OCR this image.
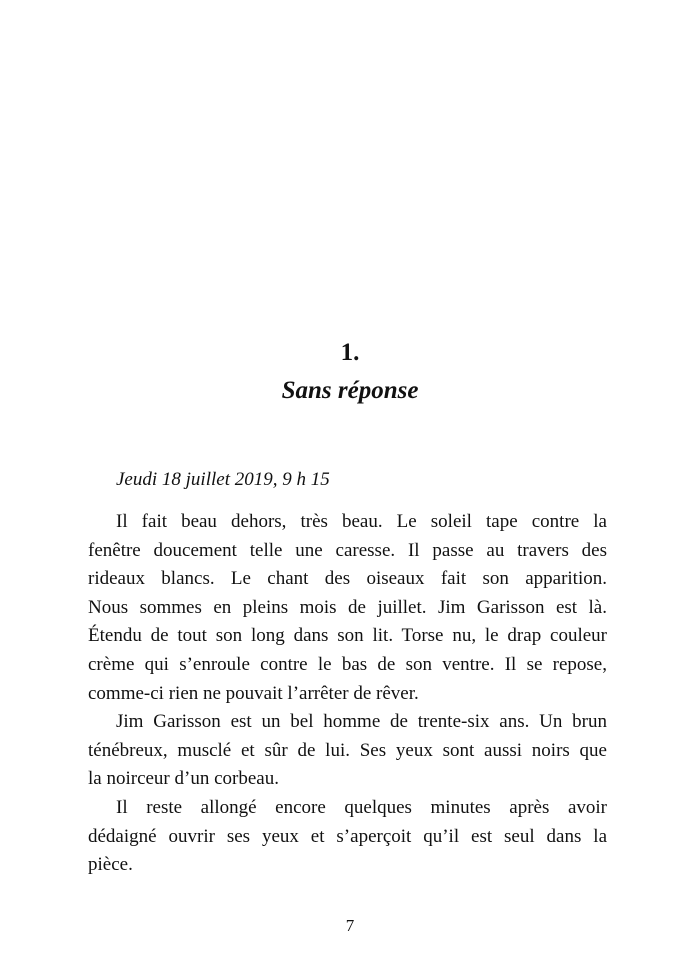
1.
Sans réponse

Jeudi 18 juillet 2019, 9 h 15

Il fait beau dehors, très beau. Le soleil tape contre la
fenêtre doucement telle une caresse. Il passe au travers des
rideaux blancs. Le chant des oiseaux fait son apparition.
Nous sommes en pleins mois de juillet. Jim Garisson est là.
Étendu de tout son long dans son lit. Torse nu, le drap couleur
crème qui s’enroule contre le bas de son ventre. Il se repose,
comme-ci rien ne pouvait l’arrêter de rêver.

Jim Garisson est un bel homme de trente-six ans. Un brun
ténébreux, musclé et sûr de lui. Ses yeux sont aussi noirs que
la noirceur d’un corbeau.

Il reste allongé encore quelques minutes après avoir
dédaigné ouvrir ses yeux et s’aperçoit qu’il est seul dans la
pièce.

7
